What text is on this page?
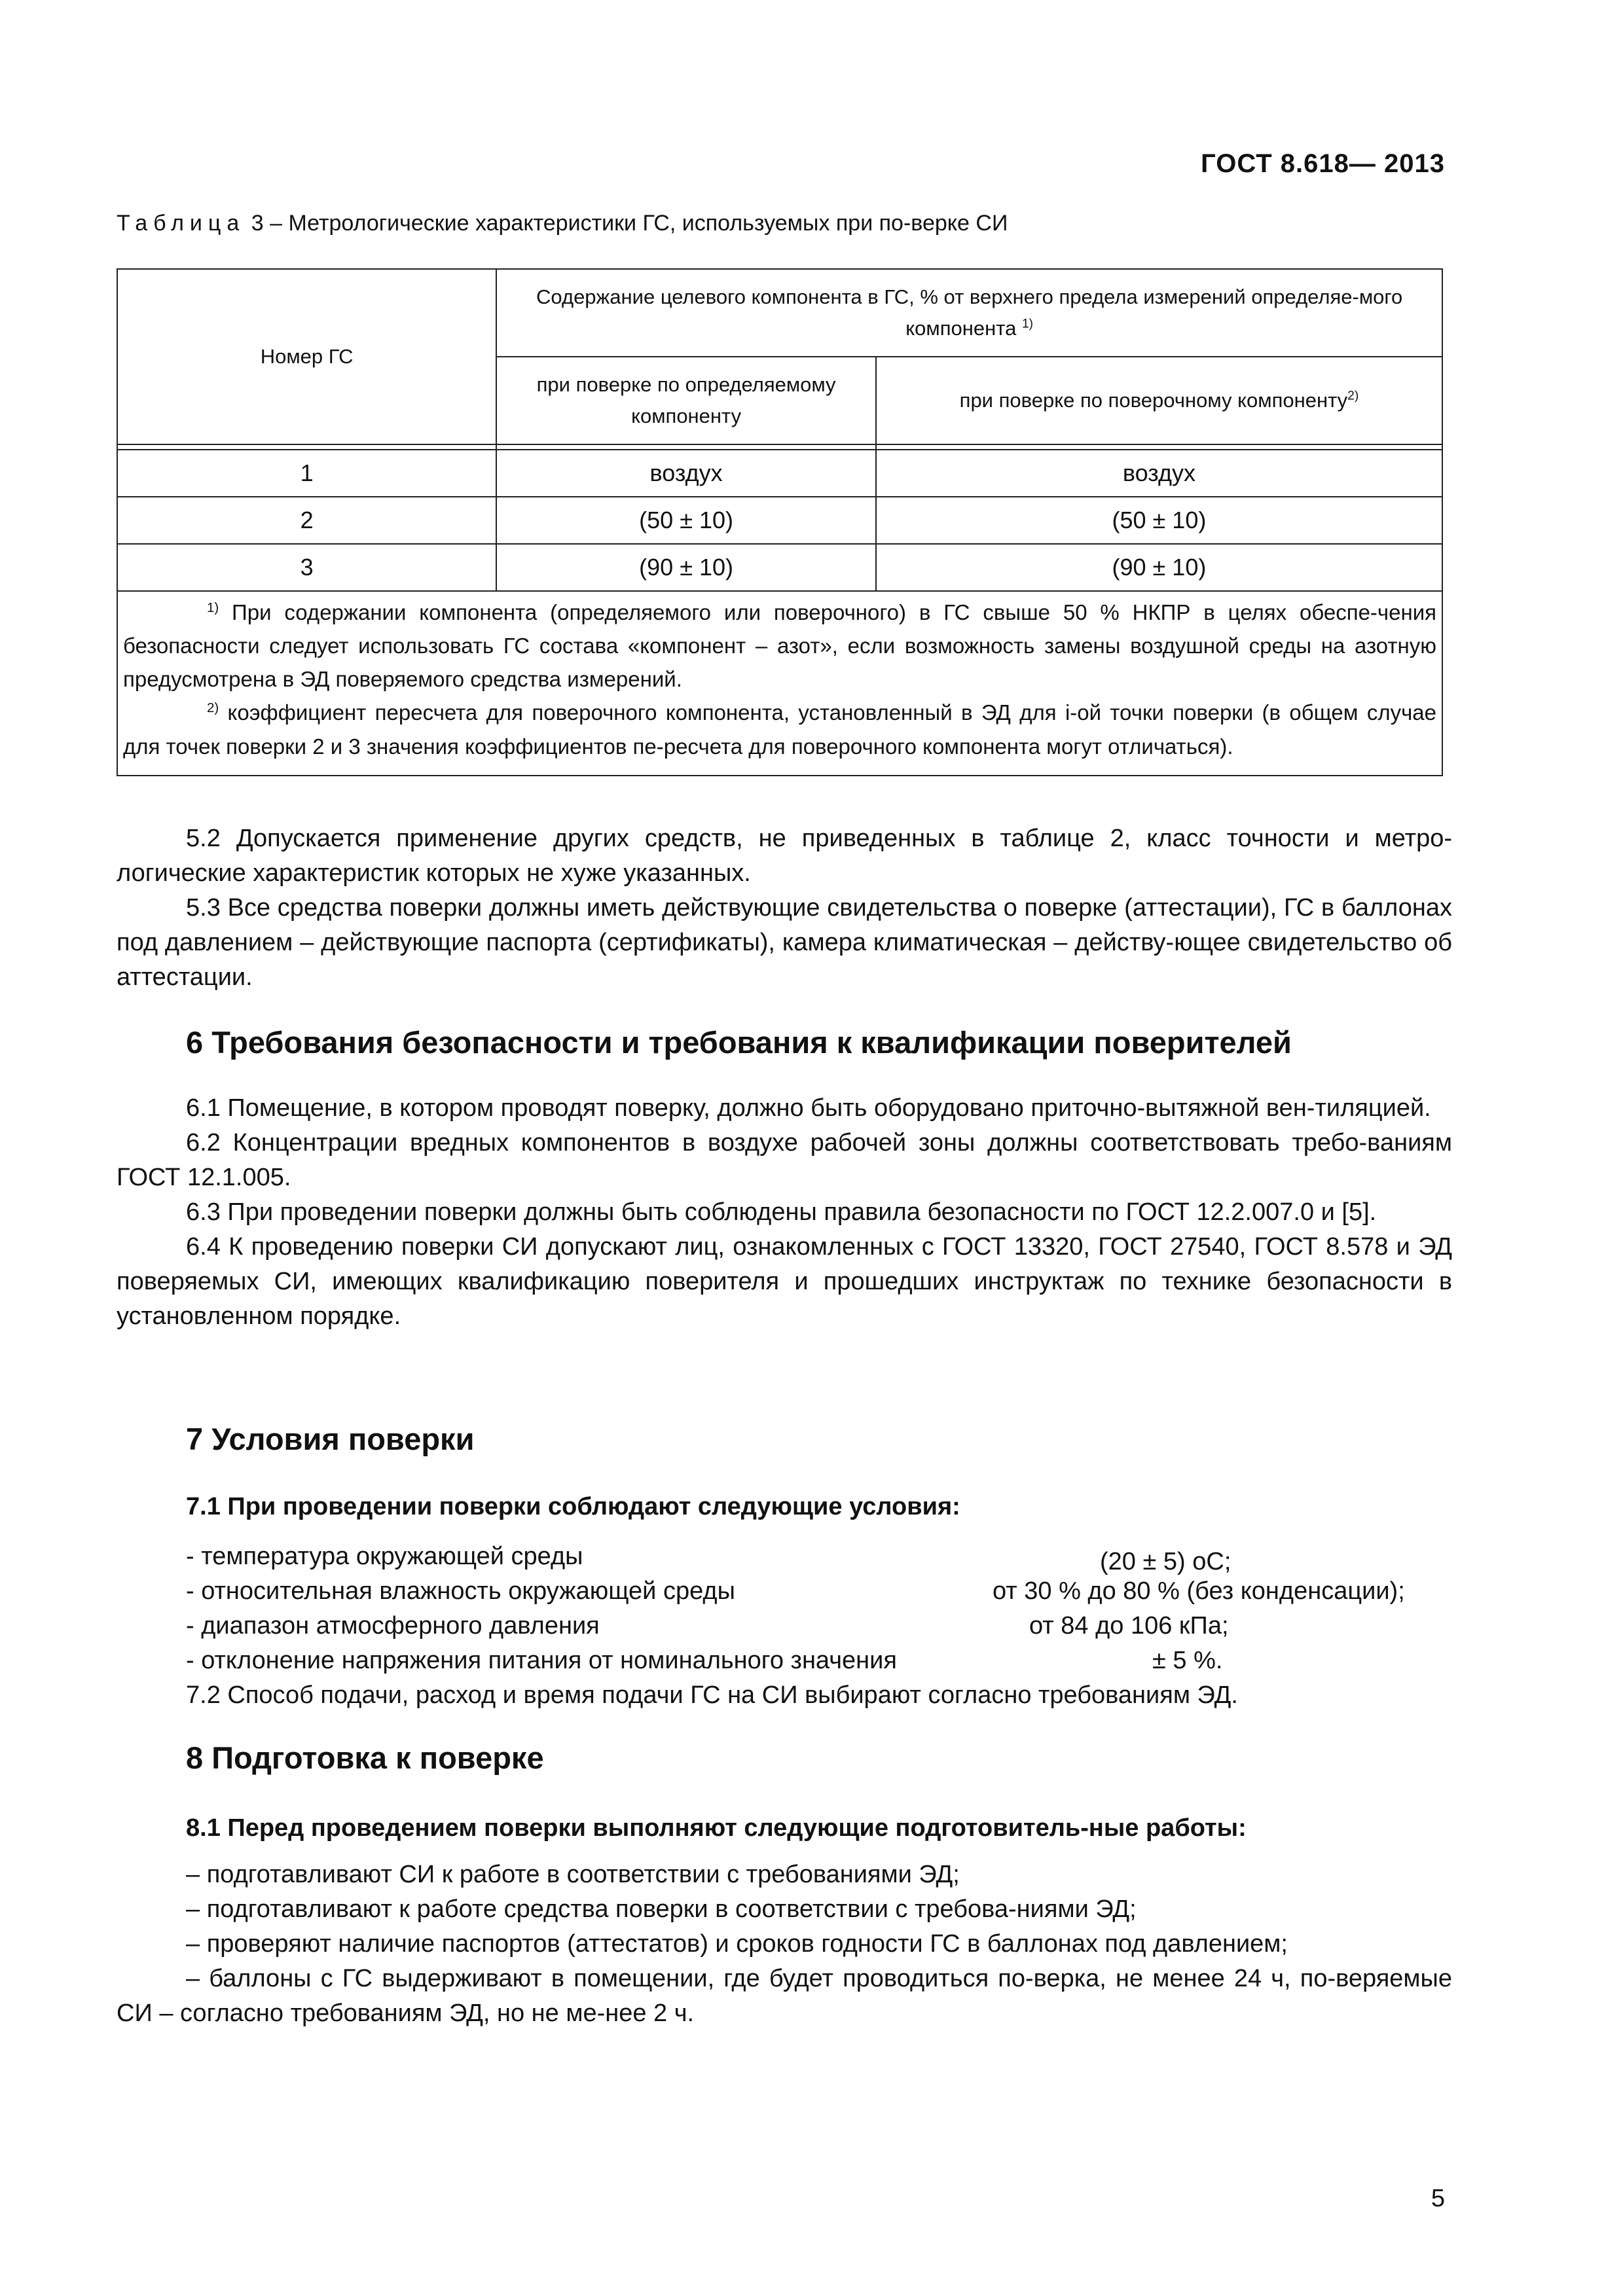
ГОСТ 8.618— 2013
Таблица 3 – Метрологические характеристики ГС, используемых при по-верке СИ
Номер ГС	Содержание целевого компонента в ГС, % от верхнего предела измерений определяе-мого компонента $^{1)}$
	при поверке по определяемому компоненту	при поверке по поверочному компоненту$^{2)}$

1	воздух	воздух
2	(50 ± 10)	(50 ± 10)
3	(90 ± 10)	(90 ± 10)

$^{1)}$ При содержании компонента (определяемого или поверочного) в ГС свыше 50 % НКПР в целях обеспе-чения безопасности следует использовать ГС состава «компонент – азот», если возможность замены воздушной среды на азотную предусмотрена в ЭД поверяемого средства измерений.
$^{2)}$ коэффициент пересчета для поверочного компонента, установленный в ЭД для i-ой точки поверки (в общем случае для точек поверки 2 и 3 значения коэффициентов пе-ресчета для поверочного компонента могут отличаться).		

5.2 Допускается применение других средств, не приведенных в таблице 2, класс точности и метро-логические характеристик которых не хуже указанных.

5.3 Все средства поверки должны иметь действующие свидетельства о поверке (аттестации), ГС в баллонах под давлением – действующие паспорта (сертификаты), камера климатическая – действу-ющее свидетельство об аттестации.

6 Требования безопасности и требования к квалификации поверителей

6.1 Помещение, в котором проводят поверку, должно быть оборудовано приточно-вытяжной вен-тиляцией.

6.2 Концентрации вредных компонентов в воздухе рабочей зоны должны соответствовать требо-ваниям ГОСТ 12.1.005.

6.3 При проведении поверки должны быть соблюдены правила безопасности по ГОСТ 12.2.007.0 и [5].

6.4 К проведению поверки СИ допускают лиц, ознакомленных с ГОСТ 13320, ГОСТ 27540, ГОСТ 8.578 и ЭД поверяемых СИ, имеющих квалификацию поверителя и прошедших инструктаж по технике безопасности в установленном порядке.

7 Условия поверки
7.1 При проведении поверки соблюдают следующие условия:
- температура окружающей среды	(20 ± 5) оС;
- относительная влажность окружающей среды	от 30 % до 80 % (без конденсации);
- диапазон атмосферного давления	от 84 до 106 кПа;
- отклонение напряжения питания от номинального значения	± 5 %.
7.2 Способ подачи, расход и время подачи ГС на СИ выбирают согласно требованиям ЭД.
8 Подготовка к поверке
8.1 Перед проведением поверки выполняют следующие подготовитель-ные работы:
– подготавливают СИ к работе в соответствии с требованиями ЭД;
– подготавливают к работе средства поверки в соответствии с требова-ниями ЭД;
– проверяют наличие паспортов (аттестатов) и сроков годности ГС в баллонах под давлением;

– баллоны с ГС выдерживают в помещении, где будет проводиться по-верка, не менее 24 ч, по-веряемые СИ – согласно требованиям ЭД, но не ме-нее 2 ч.

5
